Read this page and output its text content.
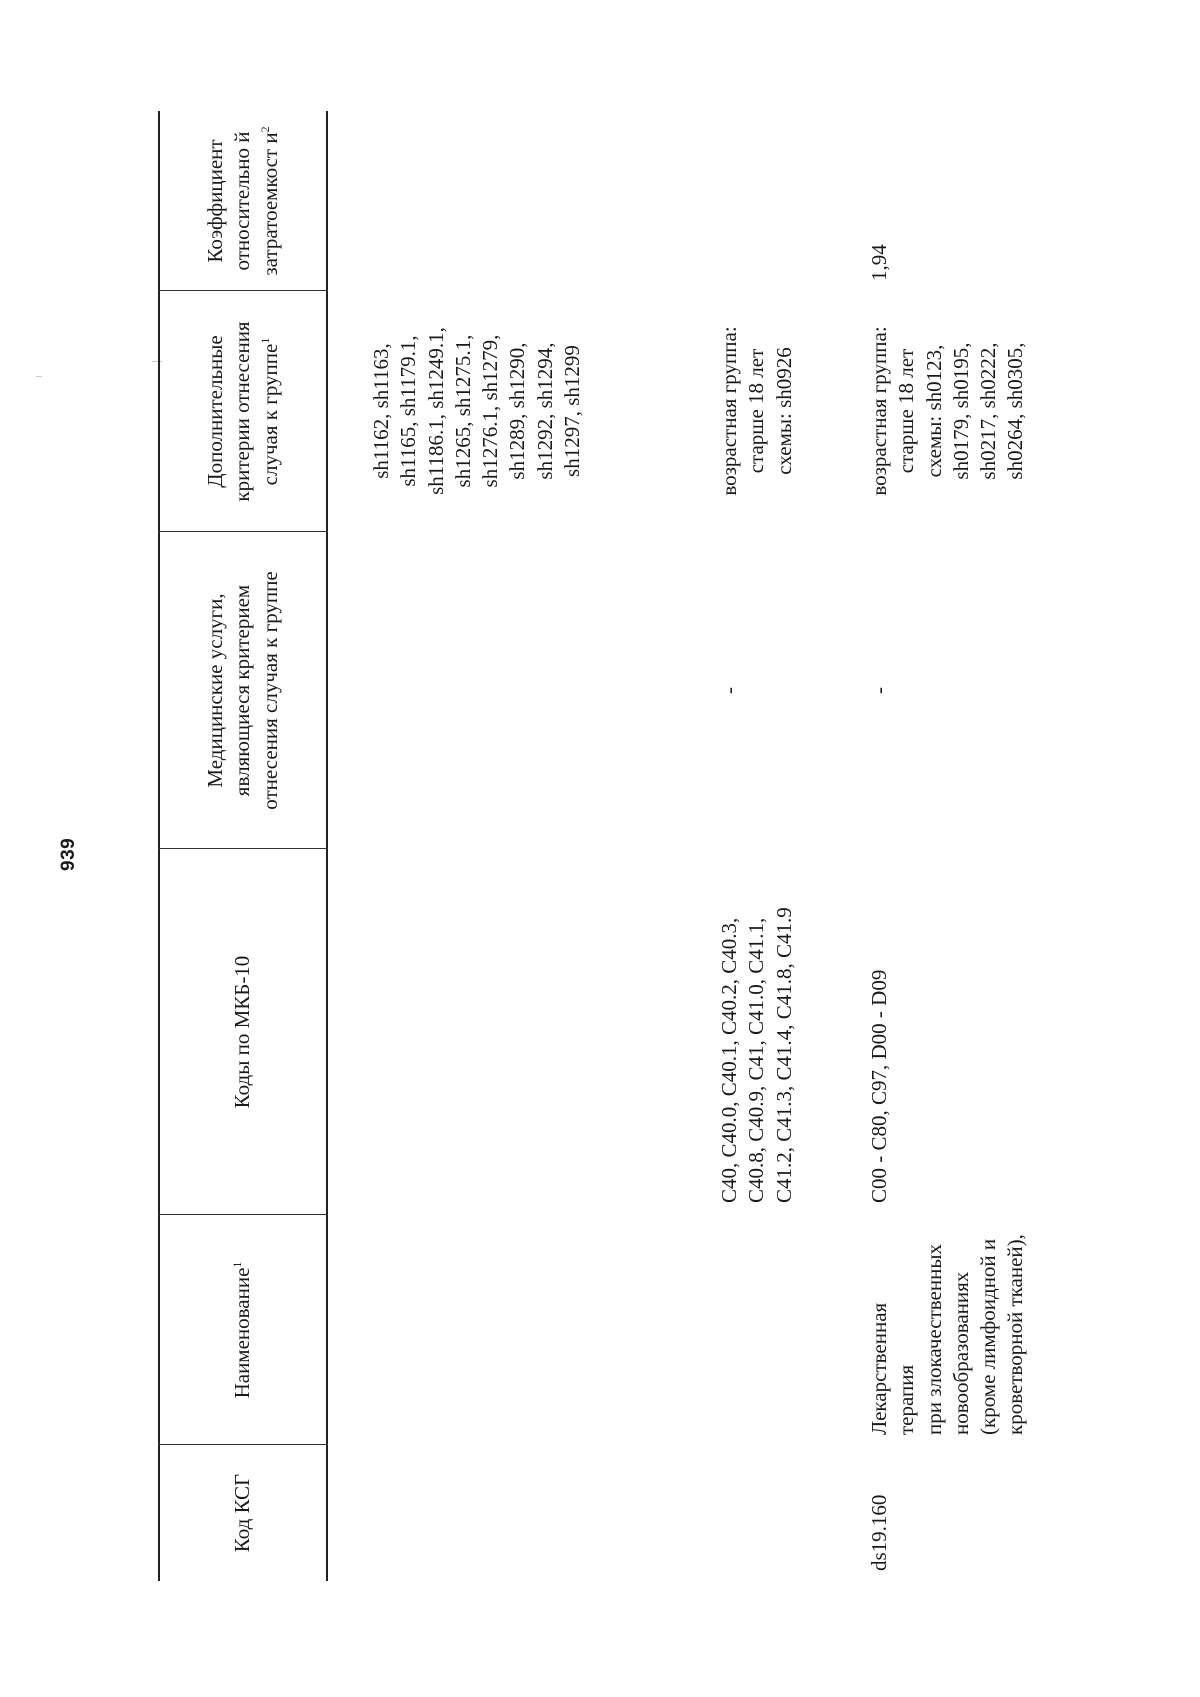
939
Код КСГ
Наименование$^1$
Коды по МКБ-10
Медицинские услуги, являющиеся критерием отнесения случая к группе
Дополнительные критерии отнесения случая к группе$^1$
Коэффициент относительно й затратоемкост $и^2$
sh1162, sh1163,
sh1165, sh1179.1,
sh1186.1, sh1249.1,
sh1265, sh1275.1,
sh1276.1, sh1279,
sh1289, sh1290,
sh1292, sh1294,
sh1297, sh1299
C40, C40.0, C40.1, C40.2, C40.3,
C40.8, C40.9, C41, C41.0, C41.1,
C41.2, C41.3, C41.4, C41.8, C41.9
-
возрастная группа:
старше 18 лет
схемы: sh0926
ds19.160
Лекарственная
терапия
при злокачественных
новообразованиях
(кроме лимфоидной и
кроветворной тканей),
C00 - C80, C97, D00 - D09
-
возрастная группа:
старше 18 лет
схемы: sh0123,
sh0179, sh0195,
sh0217, sh0222,
sh0264, sh0305,
1,94
